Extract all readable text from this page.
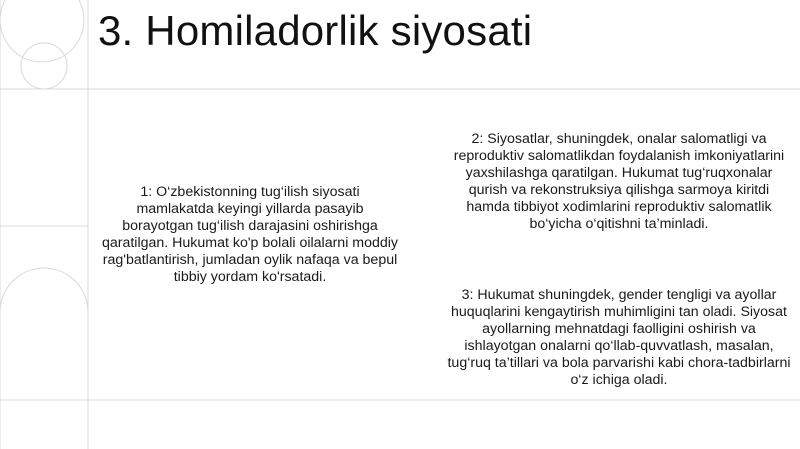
3. Homiladorlik siyosati
1: O‘zbekistonning tug‘ilish siyosati mamlakatda keyingi yillarda pasayib borayotgan tug‘ilish darajasini oshirishga qaratilgan. Hukumat ko'p bolali oilalarni moddiy rag'batlantirish, jumladan oylik nafaqa va bepul tibbiy yordam ko'rsatadi.
2: Siyosatlar, shuningdek, onalar salomatligi va reproduktiv salomatlikdan foydalanish imkoniyatlarini yaxshilashga qaratilgan. Hukumat tug‘ruqxonalar qurish va rekonstruksiya qilishga sarmoya kiritdi hamda tibbiyot xodimlarini reproduktiv salomatlik bo‘yicha o‘qitishni ta’minladi.
3: Hukumat shuningdek, gender tengligi va ayollar huquqlarini kengaytirish muhimligini tan oladi. Siyosat ayollarning mehnatdagi faolligini oshirish va ishlayotgan onalarni qo‘llab-quvvatlash, masalan, tug‘ruq ta’tillari va bola parvarishi kabi chora-tadbirlarni o‘z ichiga oladi.
